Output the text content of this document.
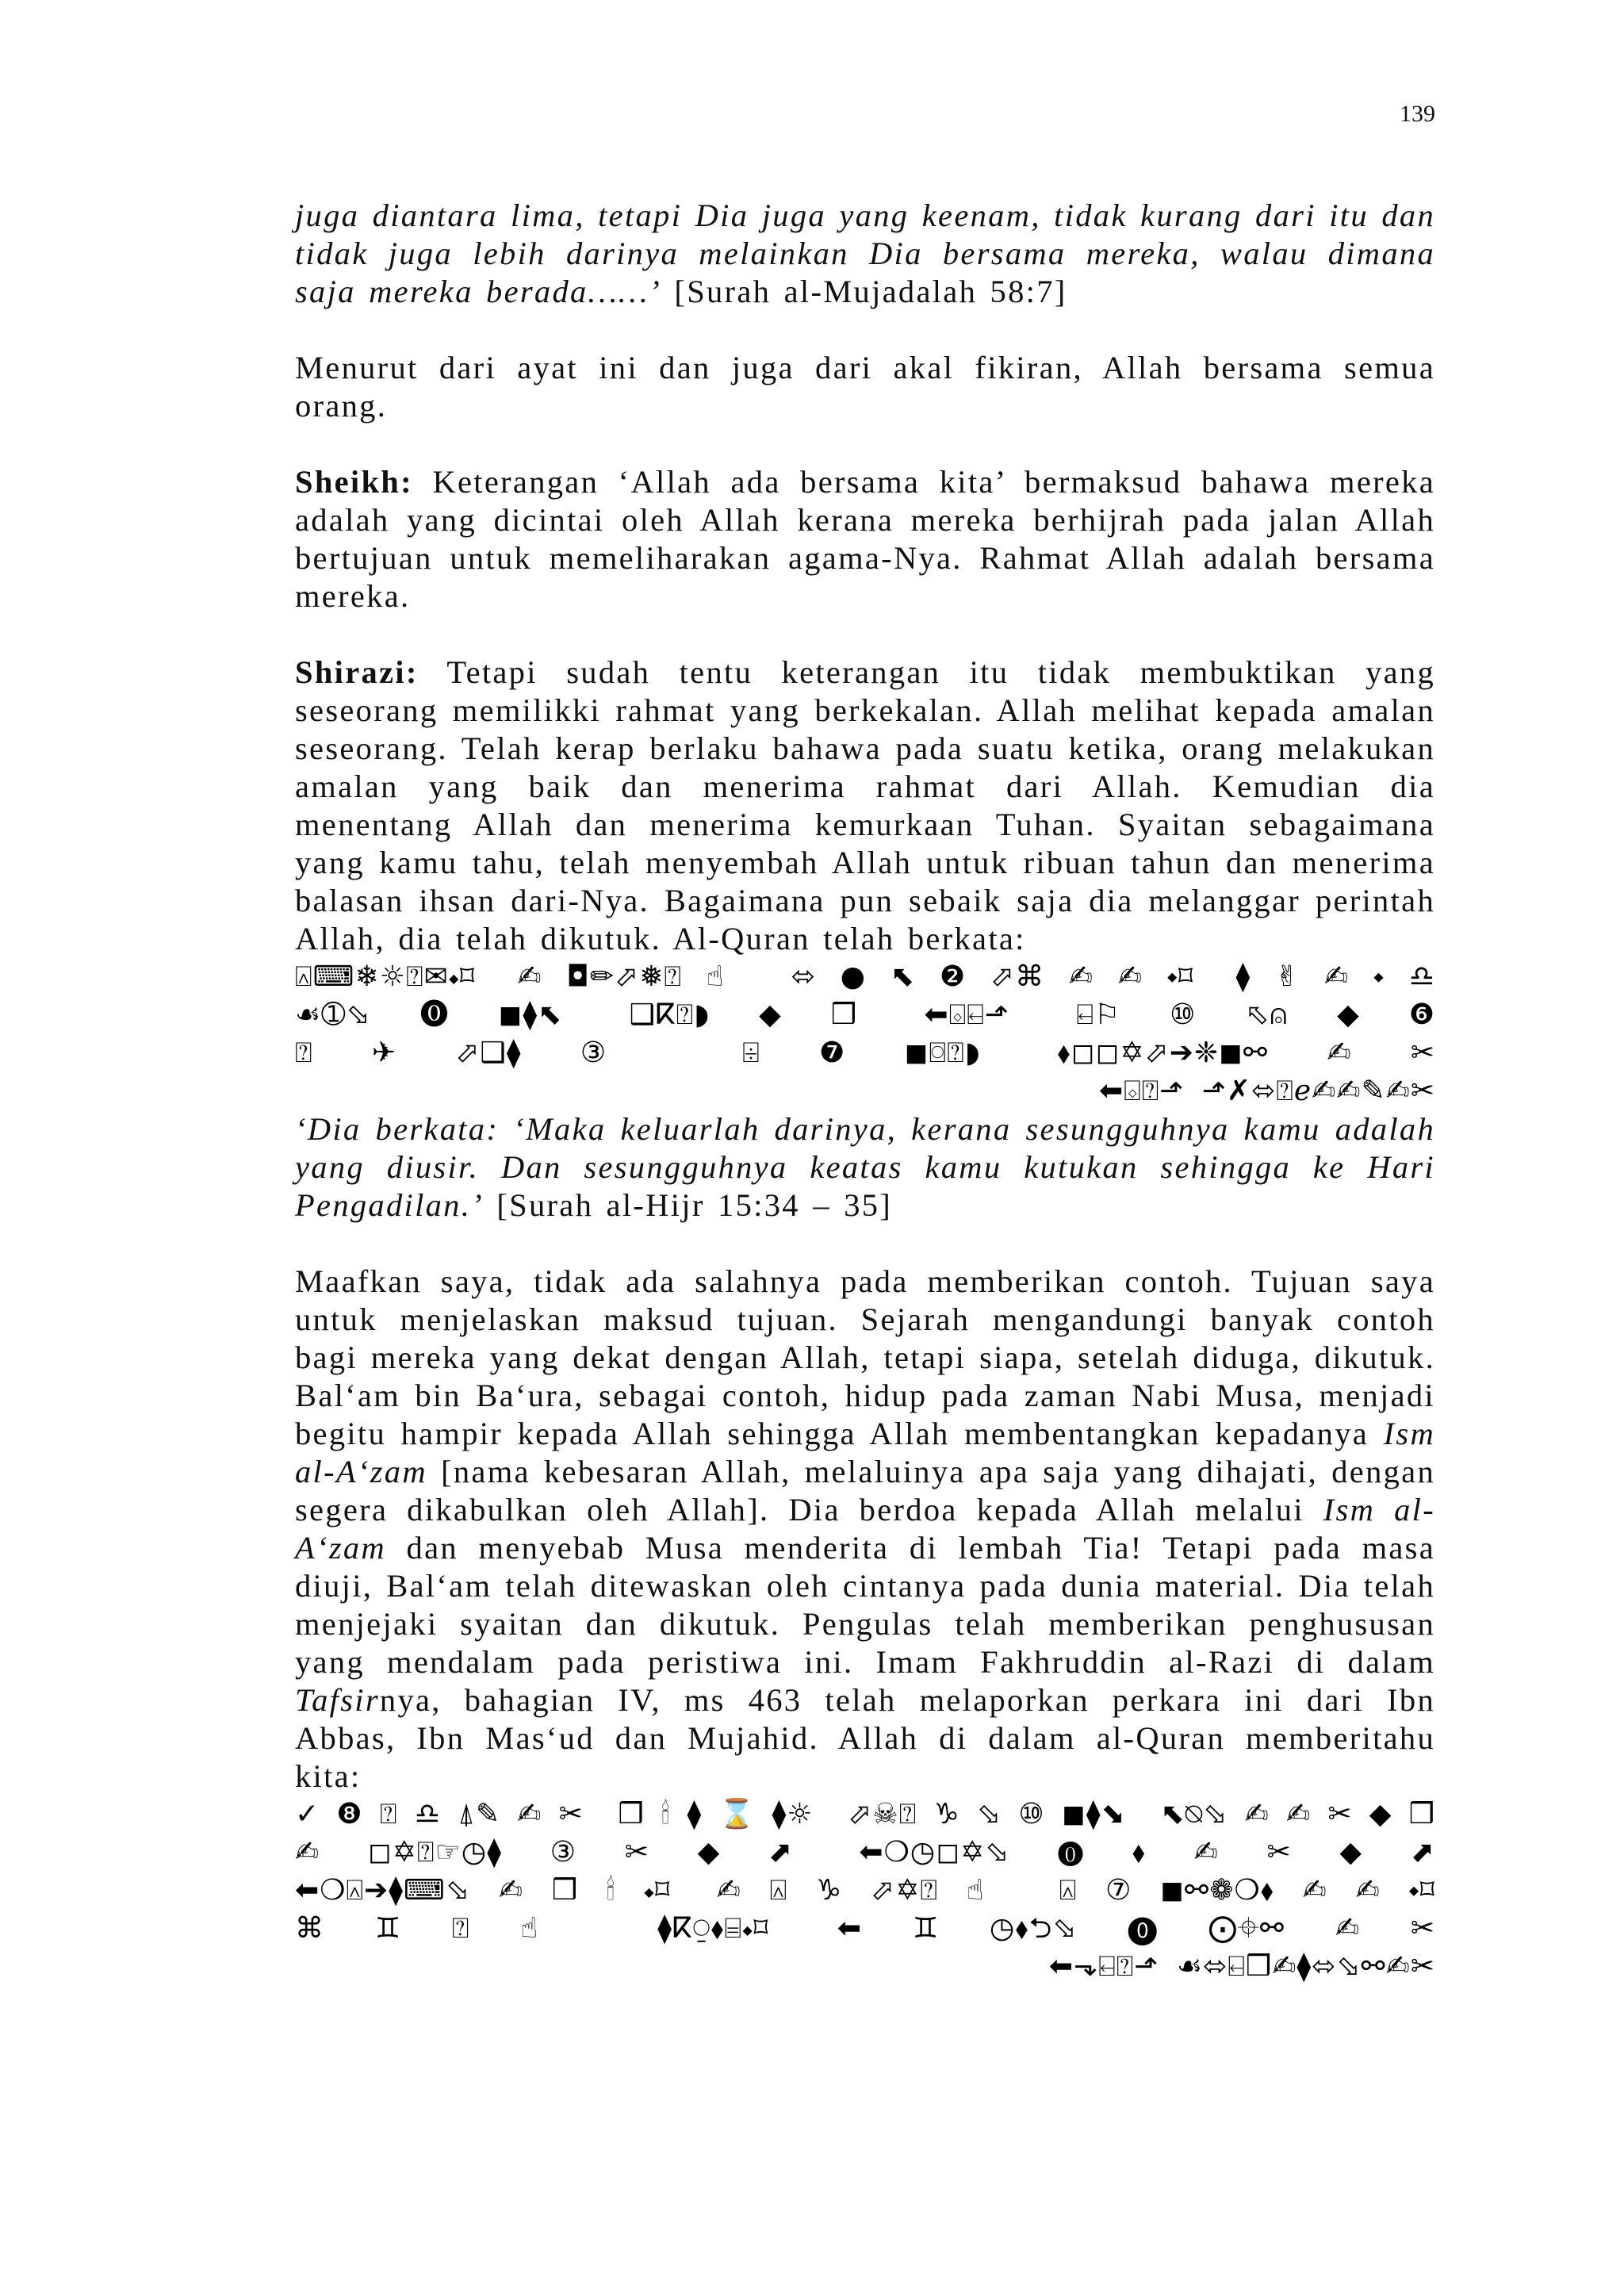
139

juga diantara lima, tetapi Dia juga yang keenam, tidak kurang dari itu dan tidak juga lebih darinya melainkan Dia bersama mereka, walau dimana saja mereka berada……’ [Surah al-Mujadalah 58:7]

Menurut dari ayat ini dan juga dari akal fikiran, Allah bersama semua orang.

Sheikh: Keterangan ‘Allah ada bersama kita’ bermaksud bahawa mereka adalah yang dicintai oleh Allah kerana mereka berhijrah pada jalan Allah bertujuan untuk memeliharakan agama-Nya. Rahmat Allah adalah bersama mereka.

Shirazi: Tetapi sudah tentu keterangan itu tidak membuktikan yang seseorang memilikki rahmat yang berkekalan. Allah melihat kepada amalan seseorang. Telah kerap berlaku bahawa pada suatu ketika, orang melakukan amalan yang baik dan menerima rahmat dari Allah. Kemudian dia menentang Allah dan menerima kemurkaan Tuhan. Syaitan sebagaimana yang kamu tahu, telah menyembah Allah untuk ribuan tahun dan menerima balasan ihsan dari-Nya. Bagaimana pun sebaik saja dia melanggar perintah Allah, dia telah dikutuk. Al-Quran telah berkata:

⍓⌨❄☼⍰✉⬩⌑ ✍◘✏⬀❅⍰☝ ⬄●⬉❷⬀⌘✍✍⬩⌑ ⧫✌✍⬩♎
☙➀⬂⓿◼⧫⬉ ❑ⴽ⍰◗◆❒ ⬅⌺⍇⬏ ⍇⚐⑩⬁⍝◆❻
⍰✈⬀❑⧫③ ⌹❼◼⌼⍰◗ ⬧◻◻✡⬀➔❈◼⚯✍✂
⬅⌺⍰⬏ ⬏✗⬄⍰ℯ✍✍✎✍✂

‘Dia berkata: ‘Maka keluarlah darinya, kerana sesungguhnya kamu adalah yang diusir. Dan sesungguhnya keatas kamu kutukan sehingga ke Hari Pengadilan.’ [Surah al-Hijr 15:34 – 35]

Maafkan saya, tidak ada salahnya pada memberikan contoh. Tujuan saya untuk menjelaskan maksud tujuan. Sejarah mengandungi banyak contoh bagi mereka yang dekat dengan Allah, tetapi siapa, setelah diduga, dikutuk. Bal‘am bin Ba‘ura, sebagai contoh, hidup pada zaman Nabi Musa, menjadi begitu hampir kepada Allah sehingga Allah membentangkan kepadanya Ism al-A‘zam [nama kebesaran Allah, melaluinya apa saja yang dihajati, dengan segera dikabulkan oleh Allah]. Dia berdoa kepada Allah melalui Ism al-A‘zam dan menyebab Musa menderita di lembah Tia! Tetapi pada masa diuji, Bal‘am telah ditewaskan oleh cintanya pada dunia material. Dia telah menjejaki syaitan dan dikutuk. Pengulas telah memberikan penghususan yang mendalam pada peristiwa ini. Imam Fakhruddin al-Razi di dalam Tafsirnya, bahagian IV, ms 463 telah melaporkan perkara ini dari Ibn Abbas, Ibn Mas‘ud dan Mujahid. Allah di dalam al-Quran memberitahu kita:

✓❽⍰♎⍋✎✍✂ ❒🕯⧫⌛⧫☼ ⬀☠⍰♑⬂⑩◼⧫⬊ ⬉⍉⬂✍✍✂◆❒
✍◻✡⍰☞◷⧫③✂◆⬈ ⬅❍◷◻✡⬂⓿⬧✍✂◆⬈
⬅❍⍓➔⧫⌨⬂✍❒🕯⬩⌑ ✍⍓♑⬀✡⍰☝ ⍓⑦◼⚯❁❍⬧✍✍⬩⌑
⌘♊⍰☝ ⧫ⴽ⍜⬧⌸⬩⌑ ⬅♊◷⬧⮌⬂⓿⨀⌖⚯✍✂
⬅⬎⍇⍰⬏ ☙⬄⍇❒✍⧫⬄⬂⚯✍✂
